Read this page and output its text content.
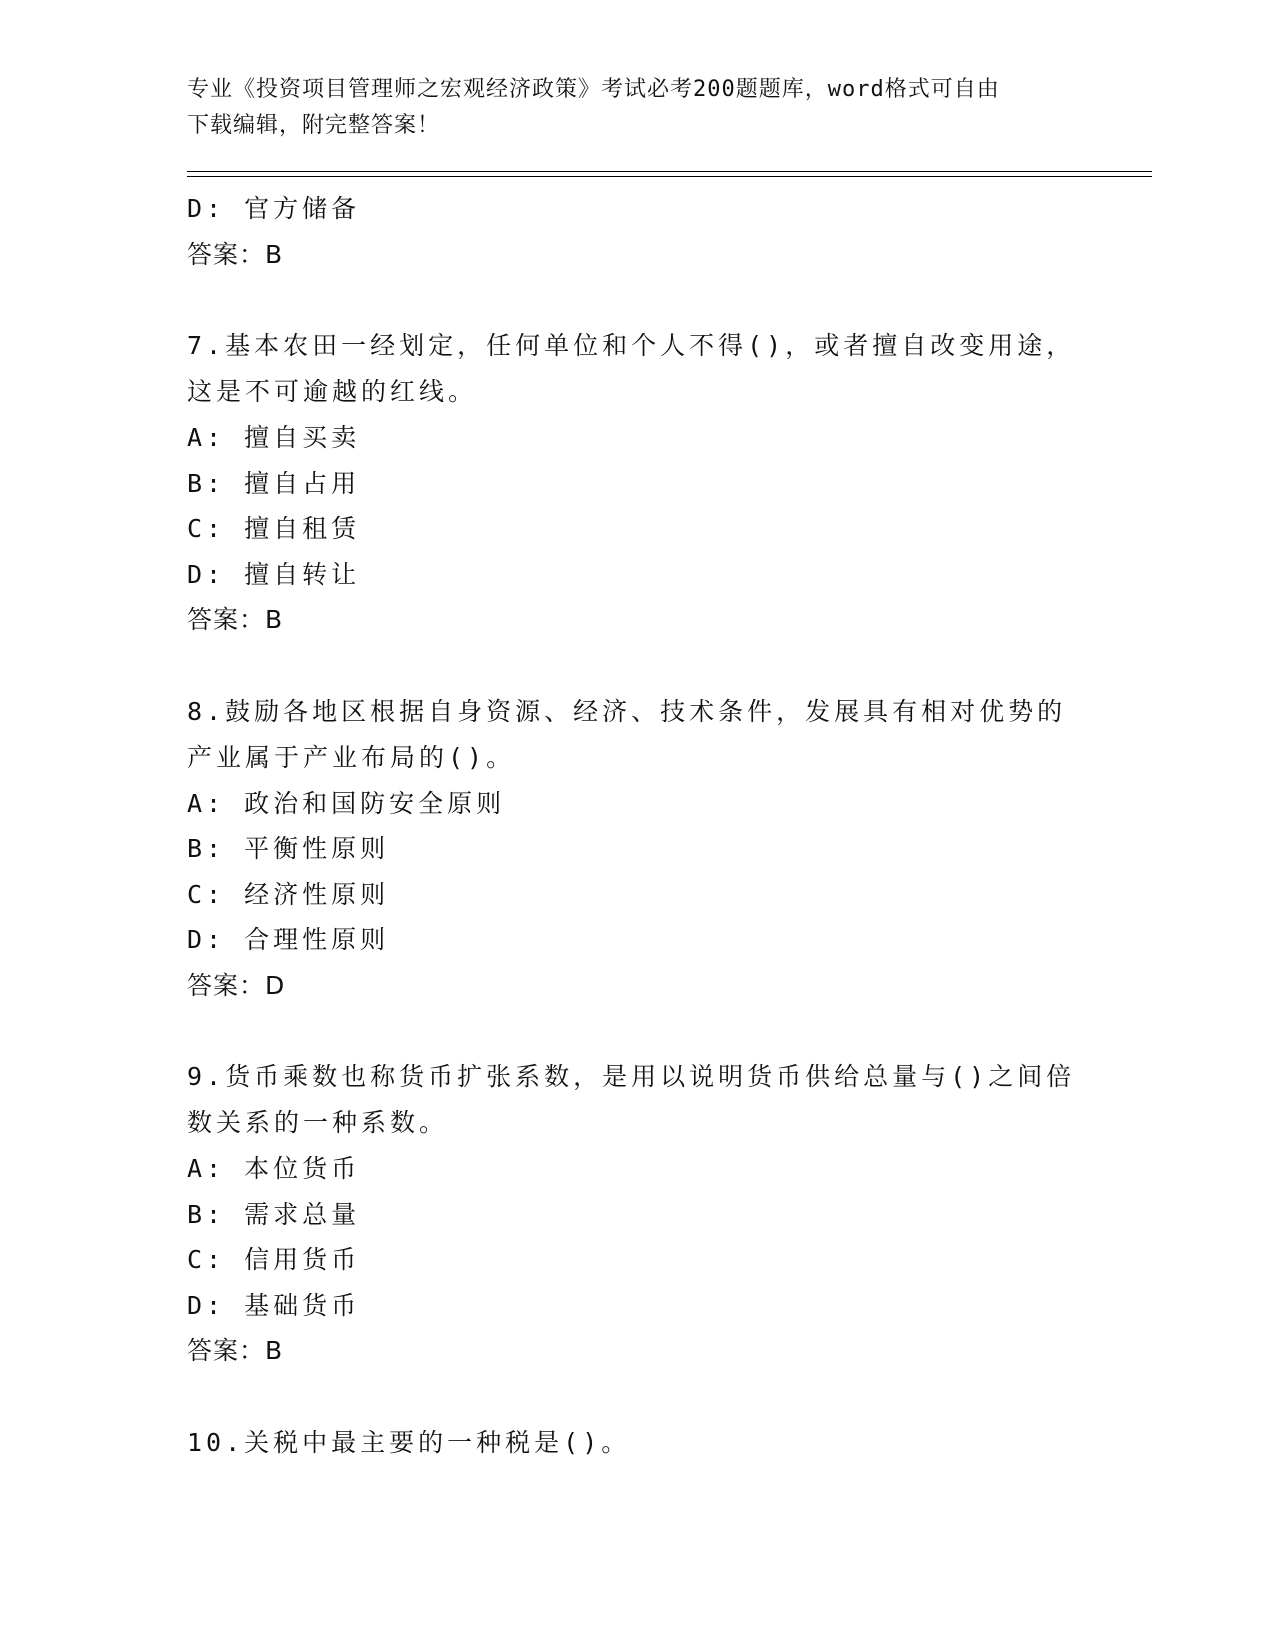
专业《投资项目管理师之宏观经济政策》考试必考200题题库，word格式可自由
下载编辑，附完整答案！
D: 官方储备
答案：B
7.基本农田一经划定，任何单位和个人不得()，或者擅自改变用途，
这是不可逾越的红线。
A: 擅自买卖
B: 擅自占用
C: 擅自租赁
D: 擅自转让
答案：B
8.鼓励各地区根据自身资源、经济、技术条件，发展具有相对优势的
产业属于产业布局的()。
A: 政治和国防安全原则
B: 平衡性原则
C: 经济性原则
D: 合理性原则
答案：D
9.货币乘数也称货币扩张系数，是用以说明货币供给总量与()之间倍
数关系的一种系数。
A: 本位货币
B: 需求总量
C: 信用货币
D: 基础货币
答案：B
10.关税中最主要的一种税是()。
